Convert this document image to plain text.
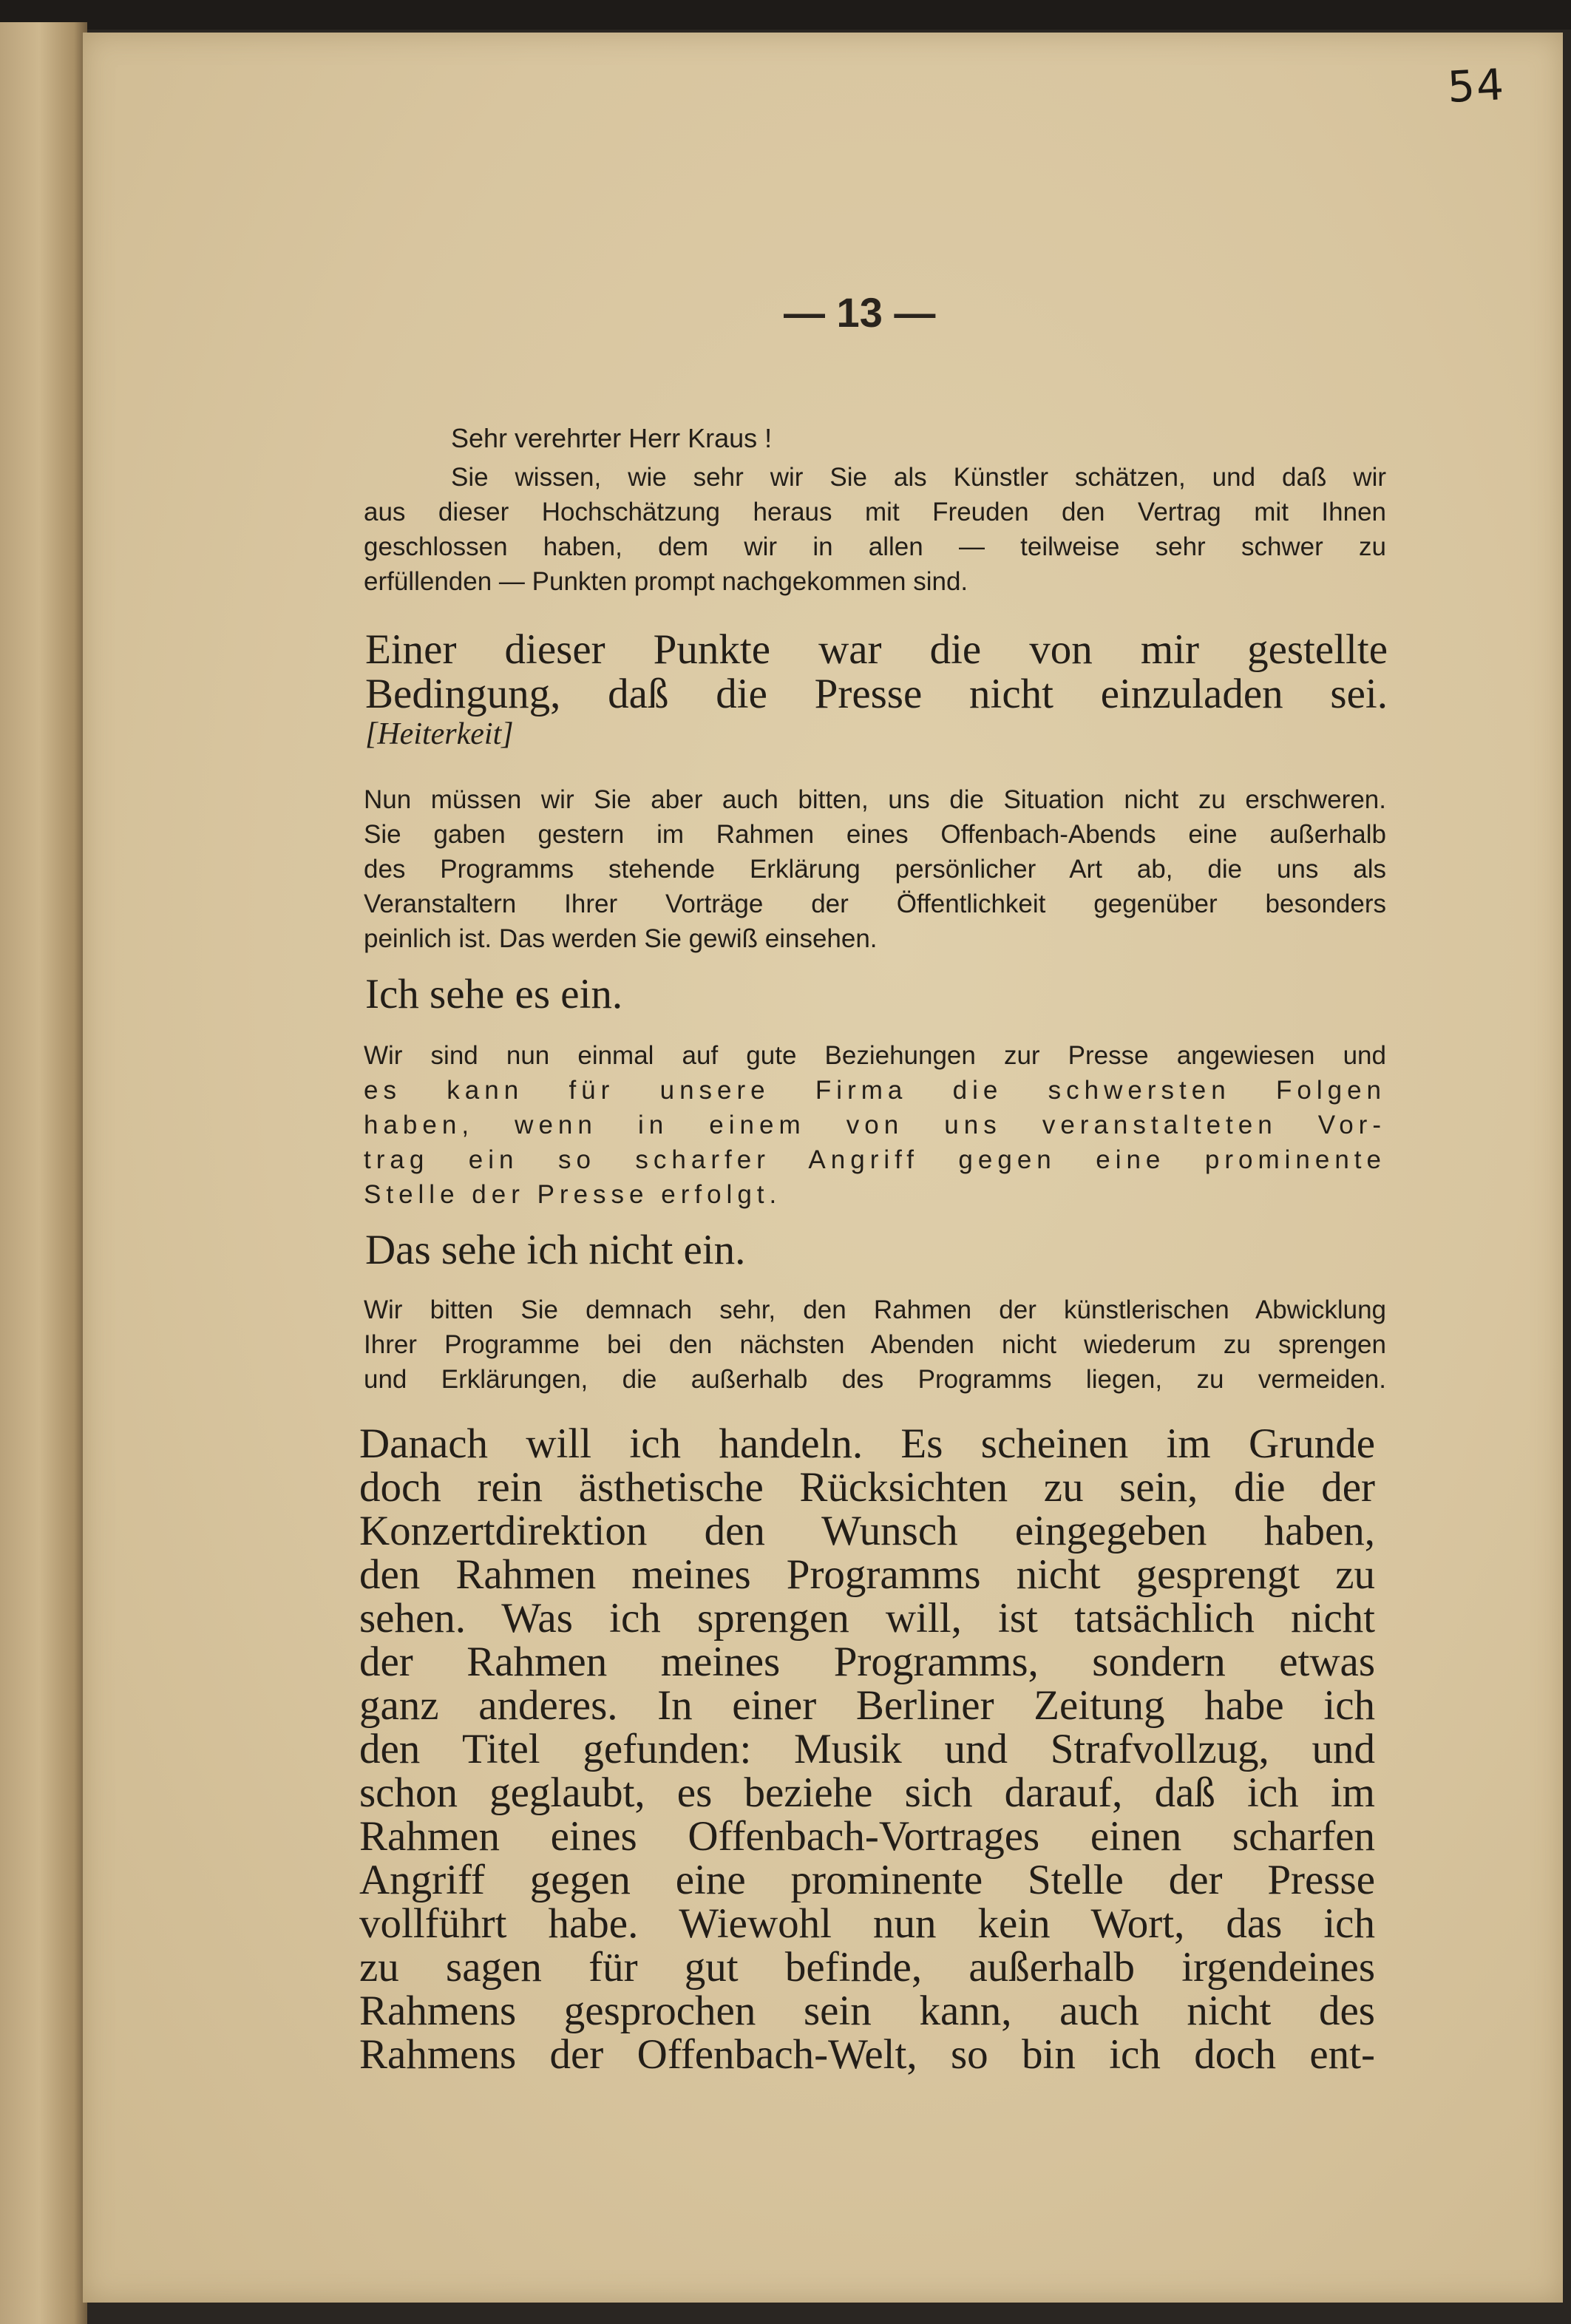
54
— 13 —
Sehr verehrter Herr Kraus !
Sie wissen, wie sehr wir Sie als Künstler schätzen, und daß wir
aus dieser Hochschätzung heraus mit Freuden den Vertrag mit Ihnen
geschlossen haben, dem wir in allen — teilweise sehr schwer zu
erfüllenden — Punkten prompt nachgekommen sind.
Einer dieser Punkte war die von mir gestellte
Bedingung, daß die Presse nicht einzuladen sei.
[Heiterkeit]
Nun müssen wir Sie aber auch bitten, uns die Situation nicht zu erschweren.
Sie gaben gestern im Rahmen eines Offenbach-Abends eine außerhalb
des Programms stehende Erklärung persönlicher Art ab, die uns als
Veranstaltern Ihrer Vorträge der Öffentlichkeit gegenüber besonders
peinlich ist. Das werden Sie gewiß einsehen.
Ich sehe es ein.
Wir sind nun einmal auf gute Beziehungen zur Presse angewiesen und
es kann für unsere Firma die schwersten Folgen
haben, wenn in einem von uns veranstalteten Vor-
trag ein so scharfer Angriff gegen eine prominente
Stelle der Presse erfolgt.
Das sehe ich nicht ein.
Wir bitten Sie demnach sehr, den Rahmen der künstlerischen Abwicklung
Ihrer Programme bei den nächsten Abenden nicht wiederum zu sprengen
und Erklärungen, die außerhalb des Programms liegen, zu vermeiden.
Danach will ich handeln. Es scheinen im Grunde
doch rein ästhetische Rücksichten zu sein, die der
Konzertdirektion den Wunsch eingegeben haben,
den Rahmen meines Programms nicht gesprengt zu
sehen. Was ich sprengen will, ist tatsächlich nicht
der Rahmen meines Programms, sondern etwas
ganz anderes. In einer Berliner Zeitung habe ich
den Titel gefunden: Musik und Strafvollzug, und
schon geglaubt, es beziehe sich darauf, daß ich im
Rahmen eines Offenbach-Vortrages einen scharfen
Angriff gegen eine prominente Stelle der Presse
vollführt habe. Wiewohl nun kein Wort, das ich
zu sagen für gut befinde, außerhalb irgendeines
Rahmens gesprochen sein kann, auch nicht des
Rahmens der Offenbach-Welt, so bin ich doch ent-
